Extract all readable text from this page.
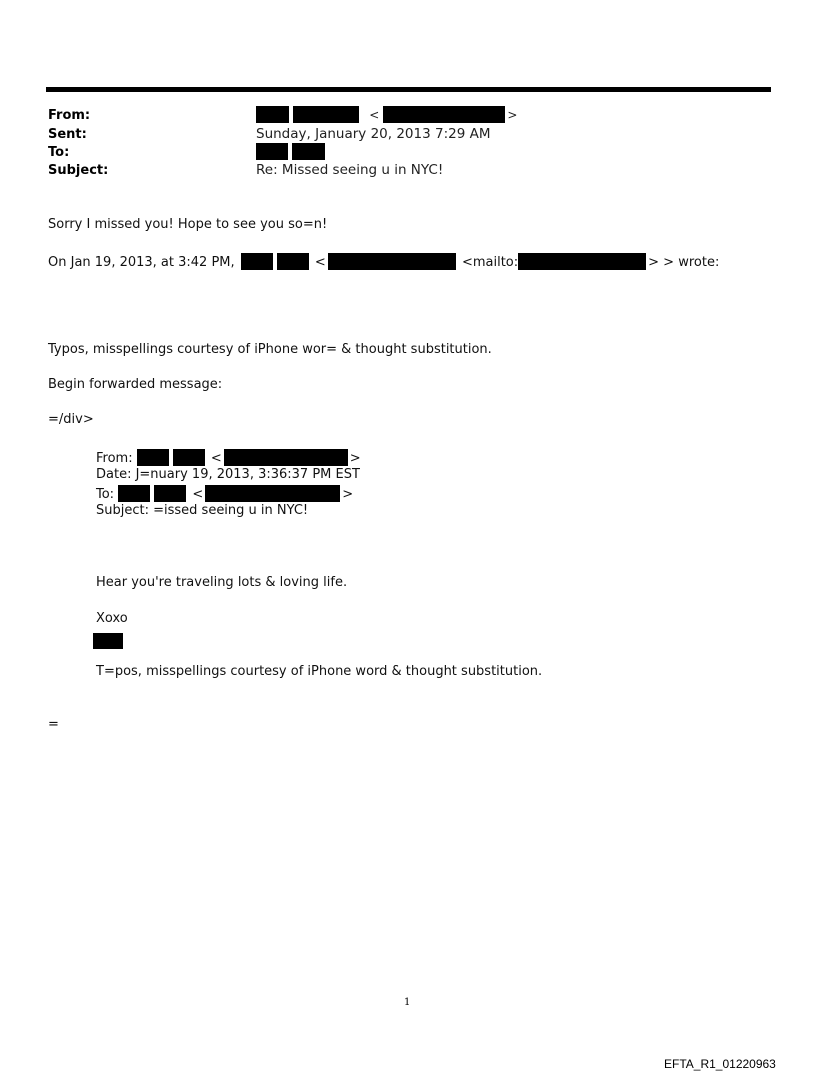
From:	<	>
Sent:	Sunday, January 20, 2013 7:29 AM
To:
Subject:	Re: Missed seeing u in NYC!
Sorry I missed you! Hope to see you so=n!
On Jan 19, 2013, at 3:42 PM,	<	<mailto:	> > wrote:
Typos, misspellings courtesy of iPhone wor= & thought substitution.
Begin forwarded message:
=/div>
From:	<	>
Date: J=nuary 19, 2013, 3:36:37 PM EST
To:	<	>
Subject: =issed seeing u in NYC!
Hear you're traveling lots & loving life.
Xoxo
T=pos, misspellings courtesy of iPhone word & thought substitution.
=
1
EFTA_R1_01220963
